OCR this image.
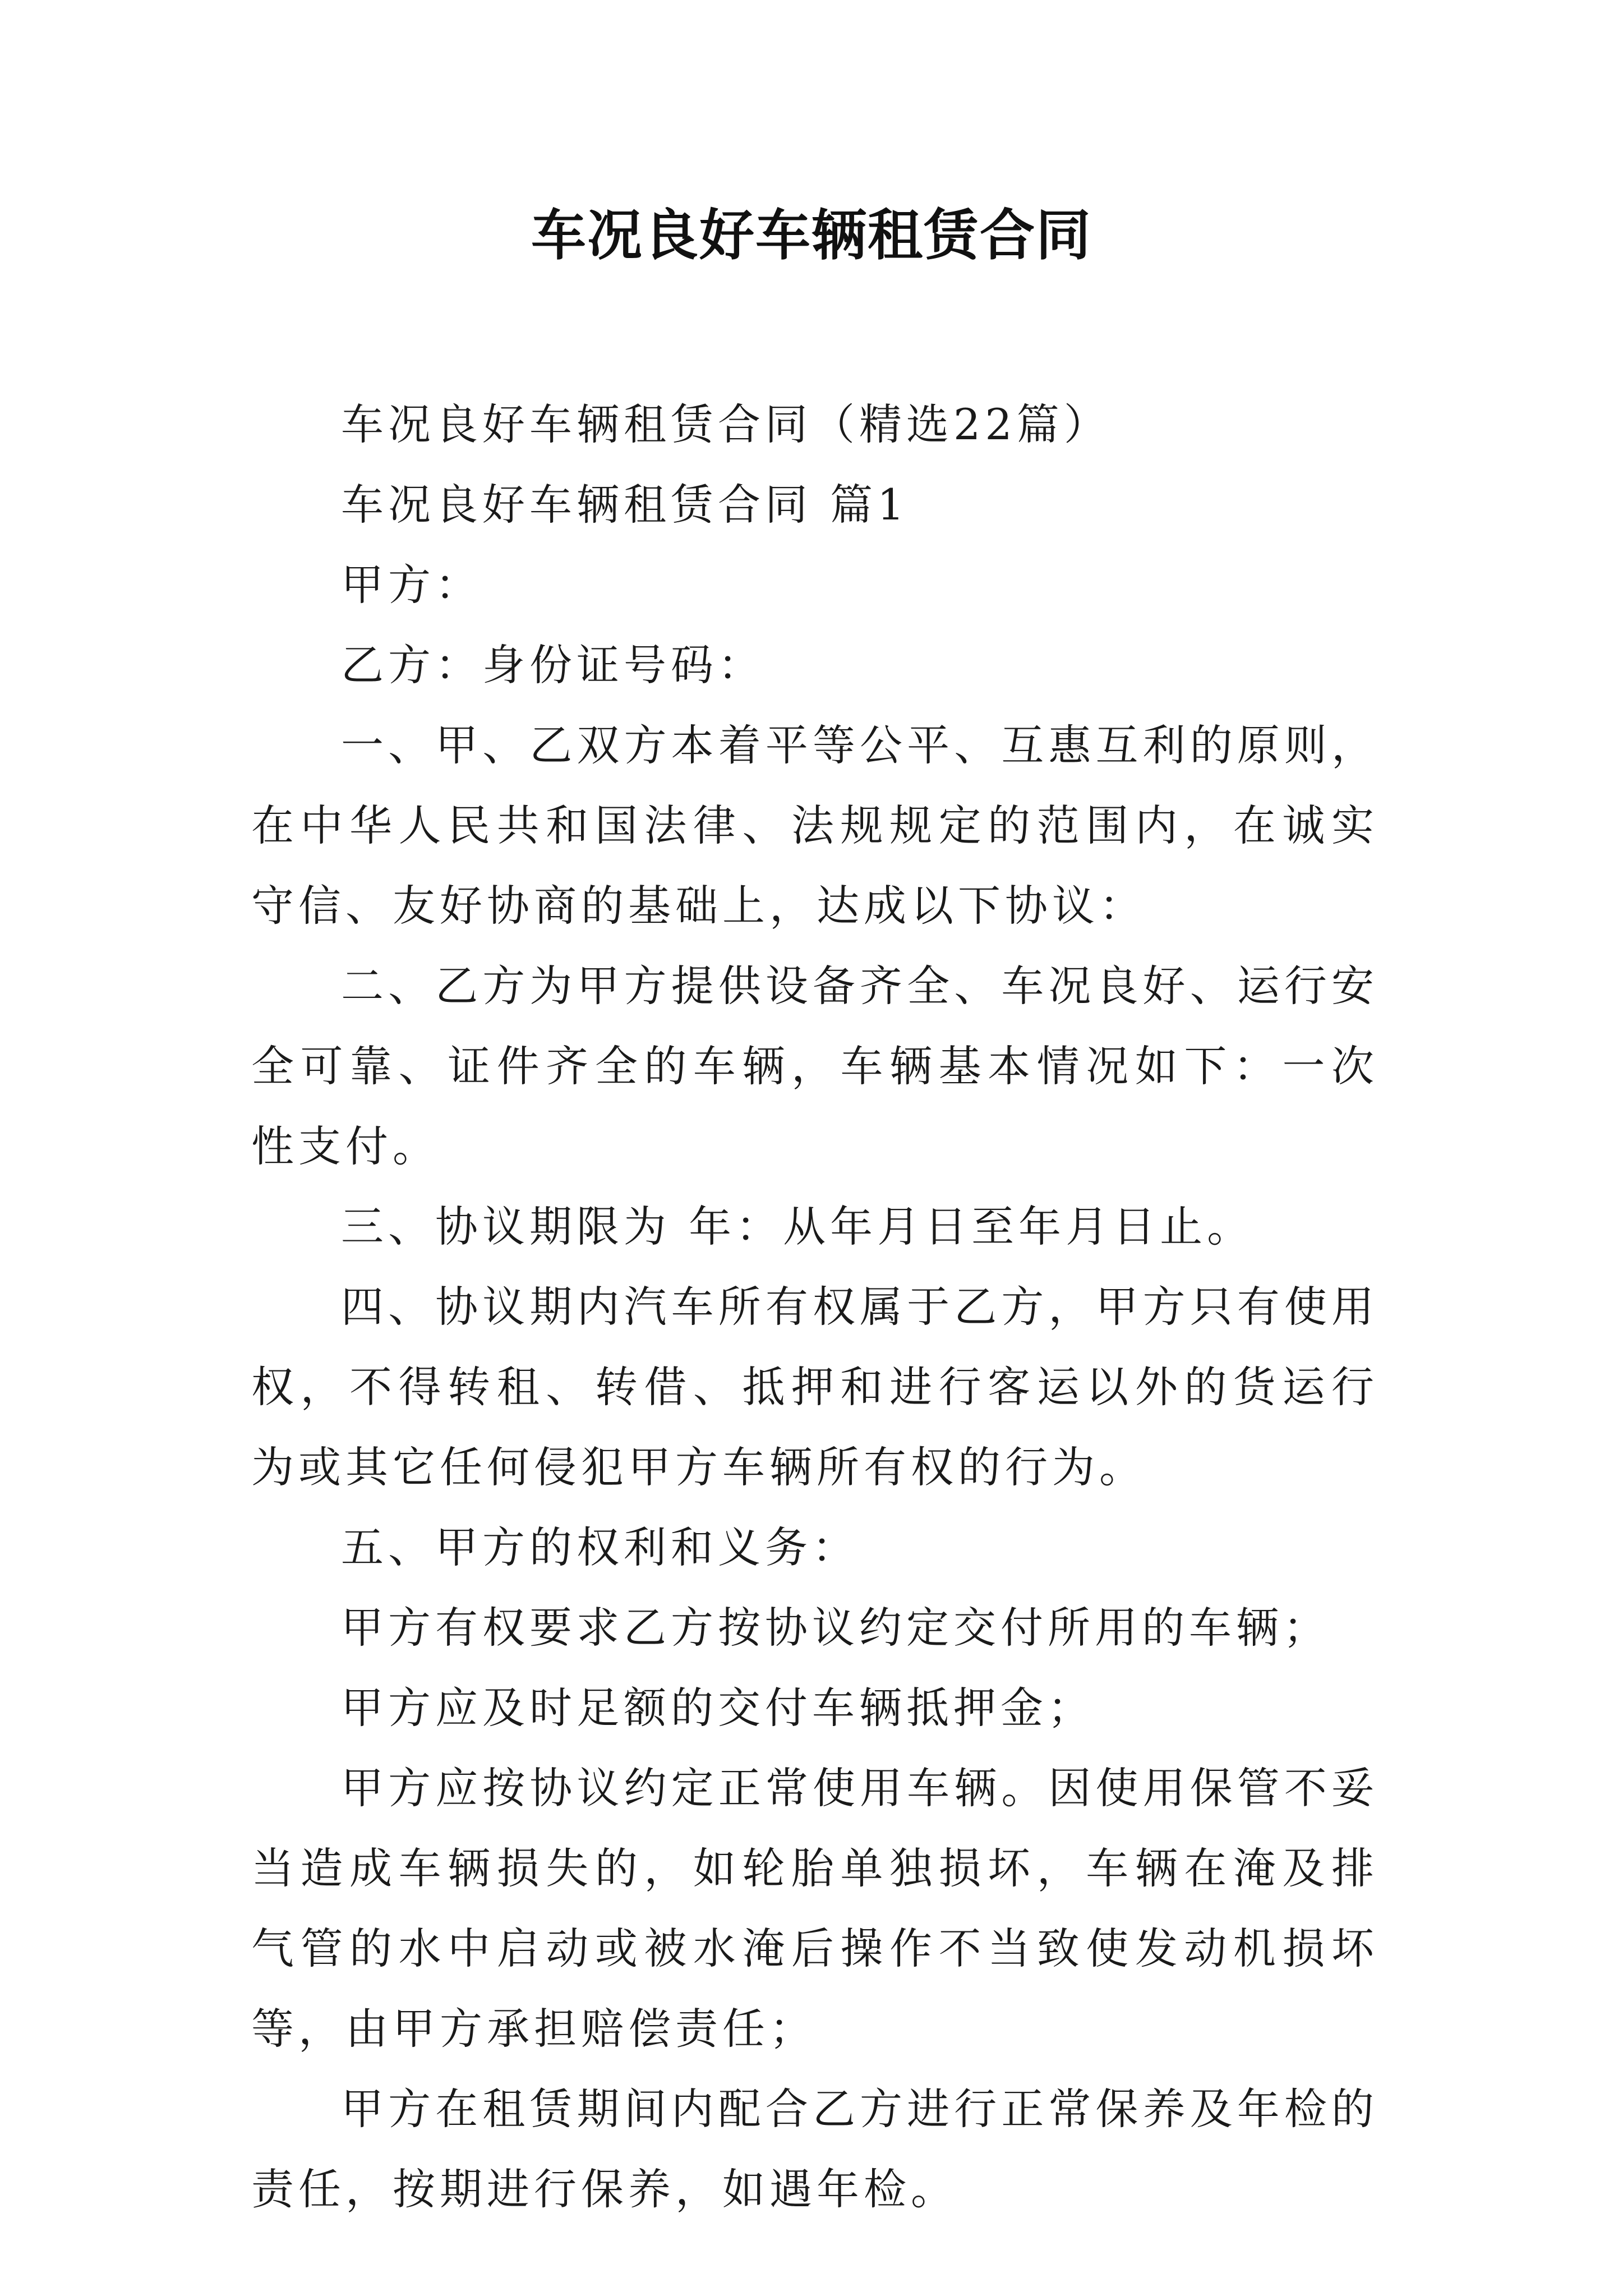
车况良好车辆租赁合同

车况良好车辆租赁合同（精选22篇）

车况良好车辆租赁合同 篇1

甲方：

乙方：身份证号码：

一、甲、乙双方本着平等公平、互惠互利的原则，在中华人民共和国法律、法规规定的范围内，在诚实守信、友好协商的基础上，达成以下协议：

二、乙方为甲方提供设备齐全、车况良好、运行安全可靠、证件齐全的车辆，车辆基本情况如下：一次性支付。

三、协议期限为 年：从年月日至年月日止。

四、协议期内汽车所有权属于乙方，甲方只有使用权，不得转租、转借、抵押和进行客运以外的货运行为或其它任何侵犯甲方车辆所有权的行为。

五、甲方的权利和义务：

甲方有权要求乙方按协议约定交付所用的车辆；

甲方应及时足额的交付车辆抵押金；

甲方应按协议约定正常使用车辆。因使用保管不妥当造成车辆损失的，如轮胎单独损坏，车辆在淹及排气管的水中启动或被水淹后操作不当致使发动机损坏等，由甲方承担赔偿责任；

甲方在租赁期间内配合乙方进行正常保养及年检的责任，按期进行保养，如遇年检。
